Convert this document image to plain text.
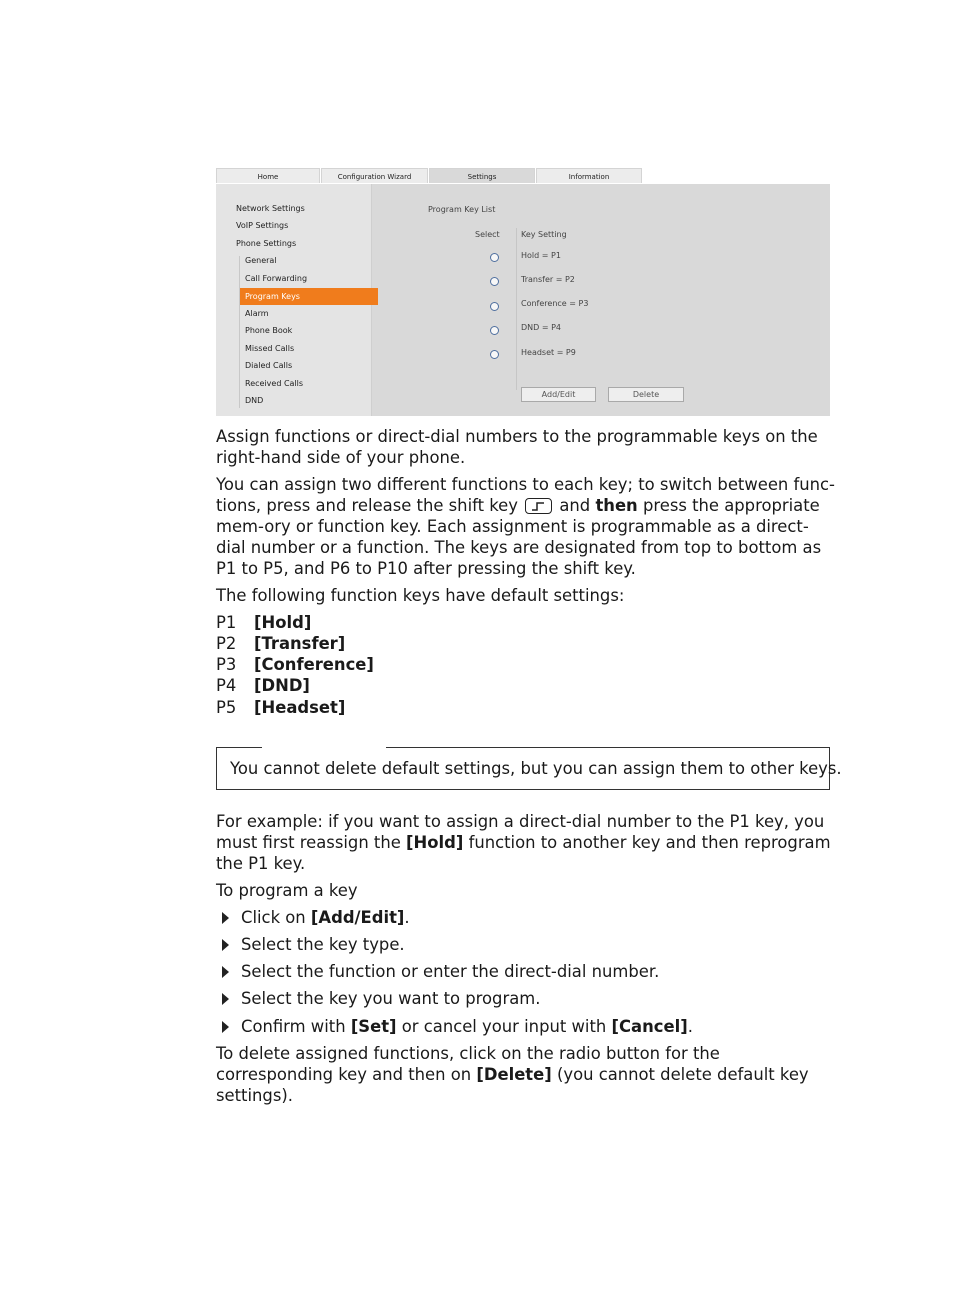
Home	Configuration Wizard	Settings	Information
Network Settings
VoIP Settings
Phone Settings
General
Call Forwarding
Program Keys
Alarm
Phone Book
Missed Calls
Dialed Calls
Received Calls
DND
Program Key List
Select	Key Setting
Hold = P1
Transfer = P2
Conference = P3
DND = P4
Headset = P9
Add/Edit	Delete
Assign functions or direct-dial numbers to the programmable keys on the right-hand side of your phone.
You can assign two different functions to each key; to switch between func-tions, press and release the shift key	and then press the appropriate mem-ory or function key. Each assignment is programmable as a direct-dial number or a function. The keys are designated from top to bottom as P1 to P5, and P6 to P10 after pressing the shift key.
The following function keys have default settings:
P1 [Hold]
P2 [Transfer]
P3 [Conference]
P4 [DND]
P5 [Headset]
You cannot delete default settings, but you can assign them to other keys.
For example: if you want to assign a direct-dial number to the P1 key, you must first reassign the [Hold] function to another key and then reprogram the P1 key.
To program a key
Click on [Add/Edit].
Select the key type.
Select the function or enter the direct-dial number.
Select the key you want to program.
Confirm with [Set] or cancel your input with [Cancel].
To delete assigned functions, click on the radio button for the corresponding key and then on [Delete] (you cannot delete default key settings).
